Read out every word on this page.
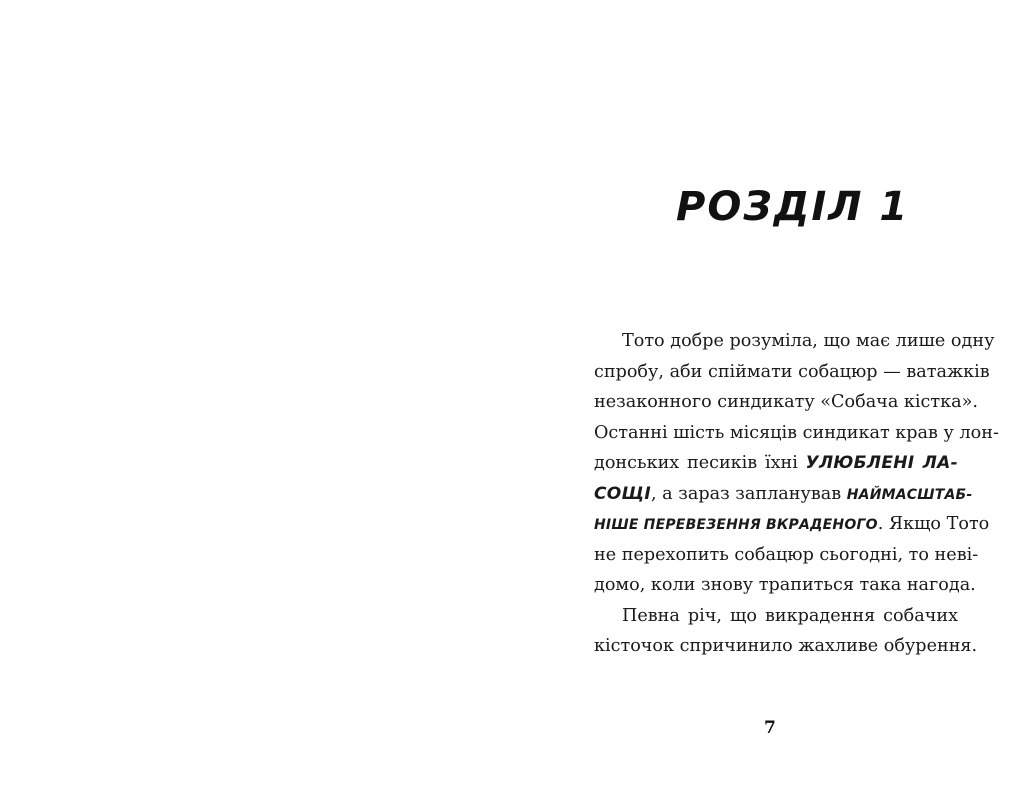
РОЗДІЛ 1
Тото добре розуміла, що має лише одну
спробу, аби спіймати собацюр — ватажків
незаконного синдикату «Собача кістка».
Останні шість місяців синдикат крав у лон-
донських песиків їхні УЛЮБЛЕНІ ЛА-
СОЩІ, а зараз запланував НАЙМАСШТАБ-
НІШЕ ПЕРЕВЕЗЕННЯ ВКРАДЕНОГО. Якщо Тото
не перехопить собацюр сьогодні, то неві-
домо, коли знову трапиться така нагода.
Певна річ, що викрадення собачих
кісточок спричинило жахливе обурення.
7
